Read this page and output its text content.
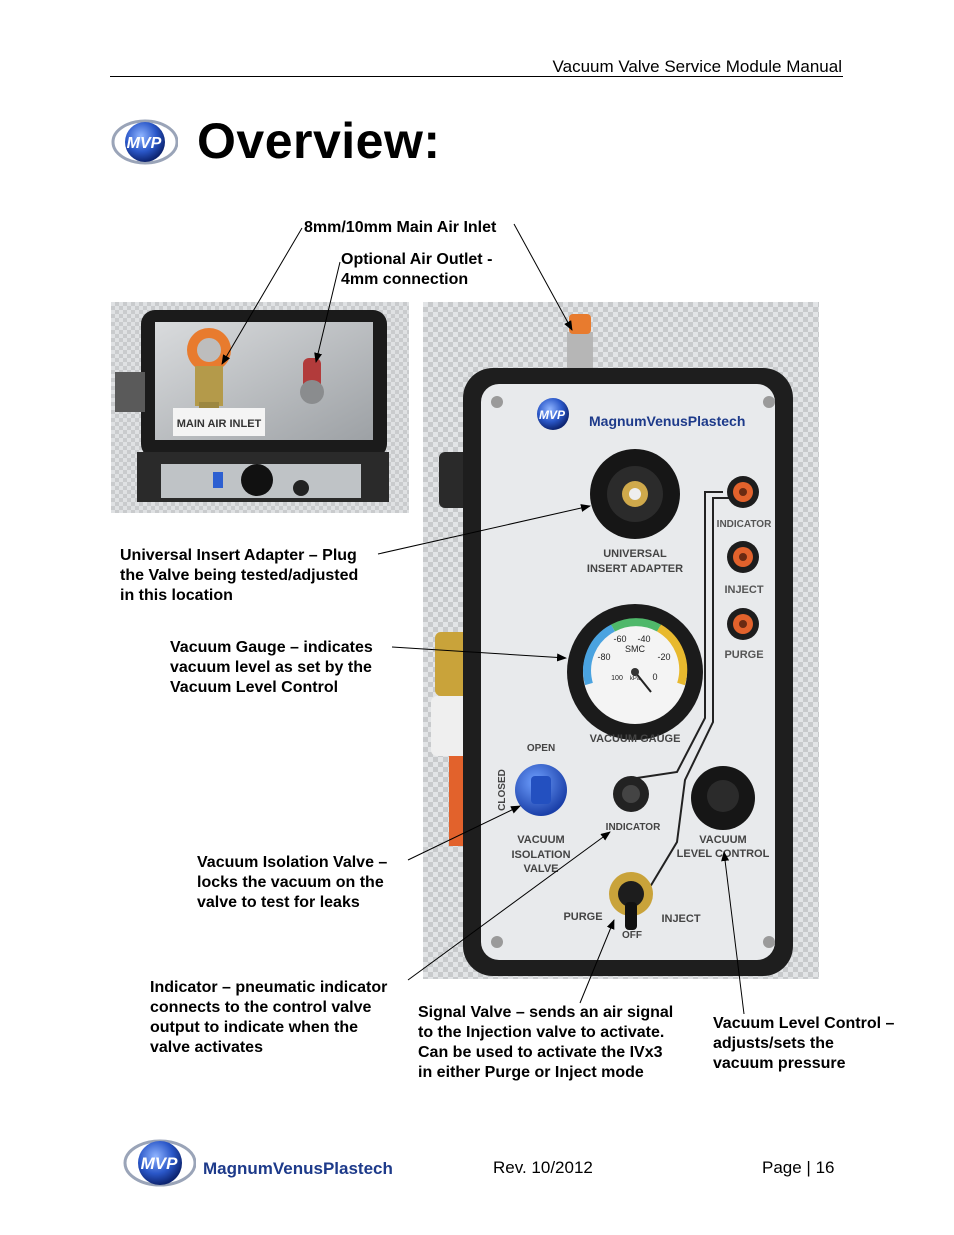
Vacuum Valve Service Module Manual
MVP Overview:
8mm/10mm Main Air Inlet
Optional Air Outlet -
4mm connection
Universal Insert Adapter – Plug
the Valve being tested/adjusted
in this location
Vacuum Gauge – indicates
vacuum level as set by the
Vacuum Level Control
Vacuum Isolation Valve –
locks the vacuum on the
valve to test for leaks
Indicator – pneumatic indicator
connects to the control valve
output to indicate when the
valve activates
Signal Valve – sends an air signal
to the Injection valve to activate.
Can be used to activate the IVx3
in either Purge or Inject mode
Vacuum Level Control –
adjusts/sets the
vacuum pressure
MAIN AIR INLET
MVP MagnumVenusPlastech
UNIVERSAL
INSERT ADAPTER
-60 -40
-80	-20
100	0
SMC
kPa
VACUUM GAUGE
INDICATOR
INJECT
PURGE
OPEN
CLOSED
VACUUM
ISOLATION
VALVE
INDICATOR
VACUUM
LEVEL CONTROL
PURGE	INJECT
OFF
MVP MagnumVenusPlastech	Rev. 10/2012	Page | 16
